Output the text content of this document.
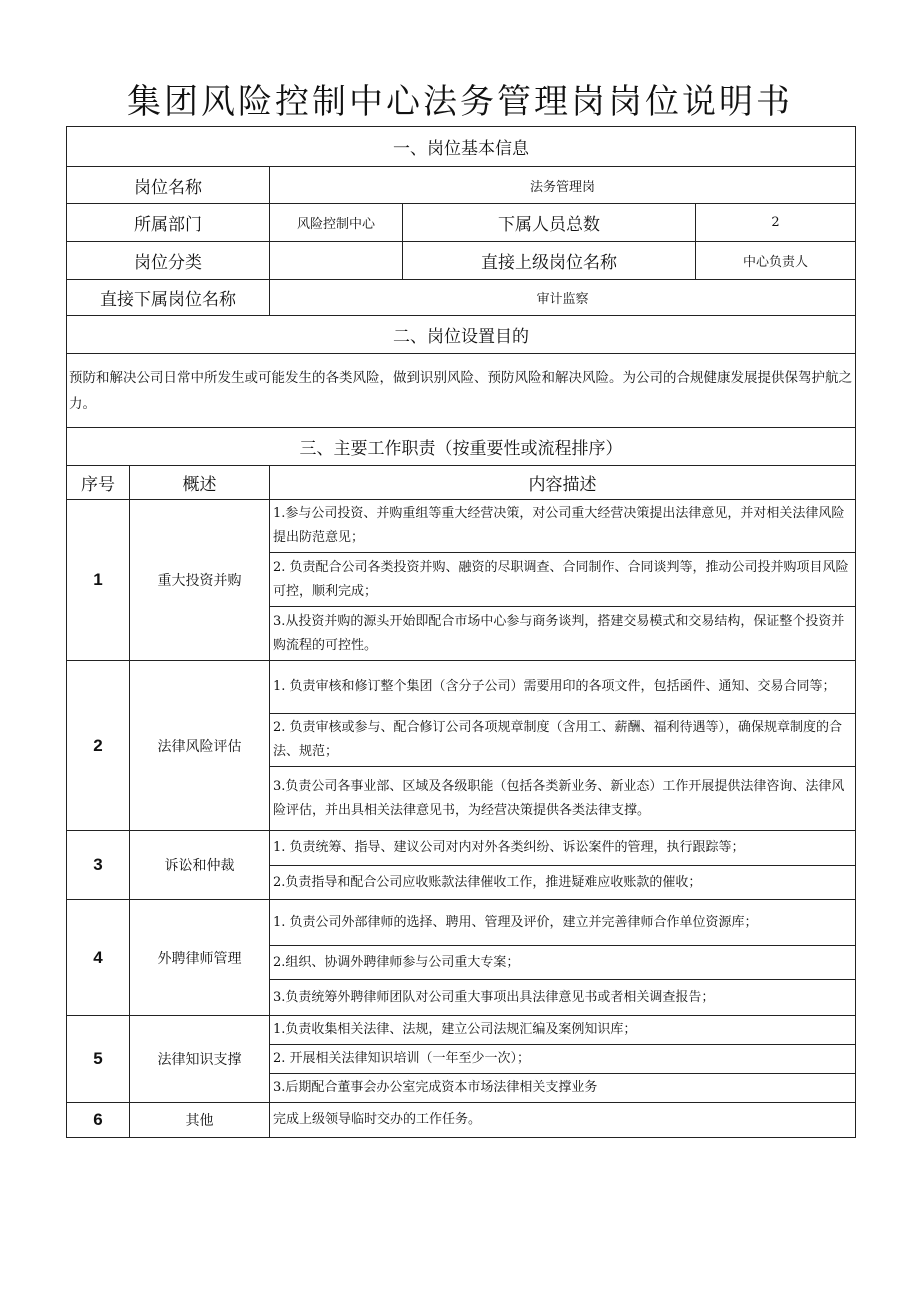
集团风险控制中心法务管理岗岗位说明书
一、岗位基本信息				
岗位名称		法务管理岗		
所属部门		风险控制中心	下属人员总数	2
岗位分类			直接上级岗位名称	中心负责人
直接下属岗位名称		审计监察		
二、岗位设置目的				
预防和解决公司日常中所发生或可能发生的各类风险，做到识别风险、预防风险和解决风险。为公司的合规健康发展提供保驾护航之力。				
三、主要工作职责（按重要性或流程排序）				
序号	概述	内容描述		
1	重大投资并购	1.参与公司投资、并购重组等重大经营决策，对公司重大经营决策提出法律意见，并对相关法律风险提出防范意见；		
		2. 负责配合公司各类投资并购、融资的尽职调查、合同制作、合同谈判等，推动公司投并购项目风险可控，顺利完成；		
		3.从投资并购的源头开始即配合市场中心参与商务谈判，搭建交易模式和交易结构，保证整个投资并购流程的可控性。		
2	法律风险评估	1. 负责审核和修订整个集团（含分子公司）需要用印的各项文件，包括函件、通知、交易合同等；		
		2. 负责审核或参与、配合修订公司各项规章制度（含用工、薪酬、福利待遇等），确保规章制度的合法、规范；		
		3.负责公司各事业部、区域及各级职能（包括各类新业务、新业态）工作开展提供法律咨询、法律风险评估，并出具相关法律意见书，为经营决策提供各类法律支撑。		
3	诉讼和仲裁	1. 负责统筹、指导、建议公司对内对外各类纠纷、诉讼案件的管理，执行跟踪等；		
		2.负责指导和配合公司应收账款法律催收工作，推进疑难应收账款的催收；		
4	外聘律师管理	1. 负责公司外部律师的选择、聘用、管理及评价，建立并完善律师合作单位资源库；		
		2.组织、协调外聘律师参与公司重大专案；		
		3.负责统筹外聘律师团队对公司重大事项出具法律意见书或者相关调查报告；		
5	法律知识支撑	1.负责收集相关法律、法规，建立公司法规汇编及案例知识库；		
		2. 开展相关法律知识培训（一年至少一次）；		
		3.后期配合董事会办公室完成资本市场法律相关支撑业务		
6	其他	完成上级领导临时交办的工作任务。		
